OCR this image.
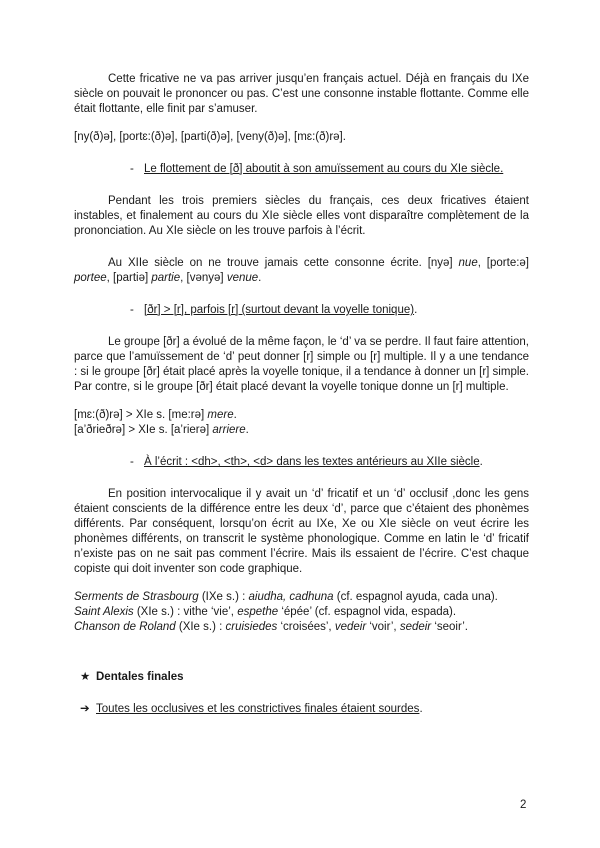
Cette fricative ne va pas arriver jusqu’en français actuel. Déjà en français du IXe siècle on pouvait le prononcer ou pas. C’est une consonne instable flottante. Comme elle était flottante, elle finit par s’amuser.

[ny(ð)ə], [portɛ:(ð)ə], [parti(ð)ə], [veny(ð)ə], [mɛ:(ð)rə].

- Le flottement de [ð] aboutit à son amuïssement au cours du XIe siècle.

Pendant les trois premiers siècles du français, ces deux fricatives étaient instables, et finalement au cours du XIe siècle elles vont disparaître complètement de la prononciation. Au XIe siècle on les trouve parfois à l’écrit.

Au XIIe siècle on ne trouve jamais cette consonne écrite. [nyə] nue, [porte:ə] portee, [partiə] partie, [vənyə] venue.

- [ðr] > [r], parfois [r] (surtout devant la voyelle tonique).

Le groupe [ðr] a évolué de la même façon, le ‘d’ va se perdre. Il faut faire attention, parce que l’amuïssement de ‘d’ peut donner [r] simple ou [r] multiple. Il y a une tendance : si le groupe [ðr] était placé après la voyelle tonique, il a tendance à donner un [r] simple. Par contre, si le groupe [ðr] était placé devant la voyelle tonique donne un [r] multiple.

[mɛ:(ð)rə] > XIe s. [me:rə] mere.

[a’ðrieðrə] > XIe s. [a’rierə] arriere.

- À l’écrit : <dh>, <th>, <d> dans les textes antérieurs au XIIe siècle.

En position intervocalique il y avait un ‘d’ fricatif et un ‘d’ occlusif ,donc les gens étaient conscients de la différence entre les deux ‘d’, parce que c’étaient des phonèmes différents. Par conséquent, lorsqu’on écrit au IXe, Xe ou XIe siècle on veut écrire les phonèmes différents, on transcrit le système phonologique. Comme en latin le ‘d’ fricatif n’existe pas on ne sait pas comment l’écrire. Mais ils essaient de l’écrire. C’est chaque copiste qui doit inventer son code graphique.

Serments de Strasbourg (IXe s.) : aiudha, cadhuna (cf. espagnol ayuda, cada una).

Saint Alexis (XIe s.) : vithe ‘vie’, espethe ‘épée’ (cf. espagnol vida, espada).

Chanson de Roland (XIe s.) : cruisiedes ‘croisées’, vedeir ‘voir’, sedeir ‘seoir’.

★ Dentales finales

➔ Toutes les occlusives et les constrictives finales étaient sourdes.

2
